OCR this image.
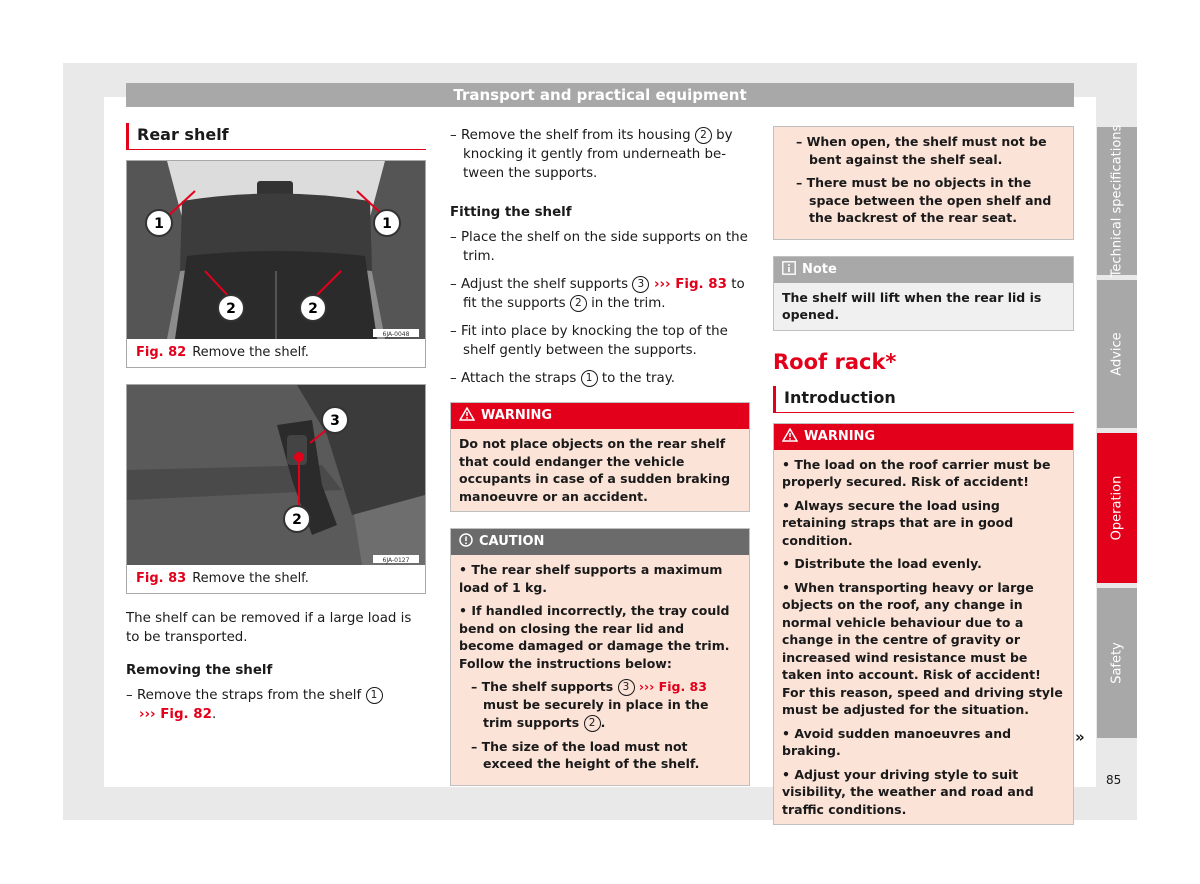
Transport and practical equipment
Rear shelf
6JA-0048
1	1
2	2
Fig. 82 Remove the shelf.
6JA-0127
3
2
Fig. 83 Remove the shelf.

The shelf can be removed if a large load is to be transported.

Removing the shelf
– Remove the straps from the shelf 1
››› Fig. 82.
– Remove the shelf from its housing 2 by knocking it gently from underneath between the supports.
Fitting the shelf
– Place the shelf on the side supports on the trim.
– Adjust the shelf supports 3 ››› Fig. 83 to fit the supports 2 in the trim.
– Fit into place by knocking the top of the shelf gently between the supports.
– Attach the straps 1 to the tray.
WARNING
Do not place objects on the rear shelf that could endanger the vehicle occupants in case of a sudden braking manoeuvre or an accident.
CAUTION
• The rear shelf supports a maximum load of 1 kg.
• If handled incorrectly, the tray could bend on closing the rear lid and become damaged or damage the trim. Follow the instructions below:
– The shelf supports 3 ››› Fig. 83 must be securely in place in the trim supports 2 .
– The size of the load must not exceed the height of the shelf.
– When open, the shelf must not be bent against the shelf seal.
– There must be no objects in the space between the open shelf and the backrest of the rear seat.
Note
The shelf will lift when the rear lid is opened.
Roof rack*
Introduction
WARNING
• The load on the roof carrier must be properly secured. Risk of accident!
• Always secure the load using retaining straps that are in good condition.
• Distribute the load evenly.
• When transporting heavy or large objects on the roof, any change in normal vehicle behaviour due to a change in the centre of gravity or increased wind resistance must be taken into account. Risk of accident! For this reason, speed and driving style must be adjusted for the situation.
• Avoid sudden manoeuvres and braking.
• Adjust your driving style to suit visibility, the weather and road and traffic conditions.
»
Technical specifications
Advice
Operation
Safety
85
